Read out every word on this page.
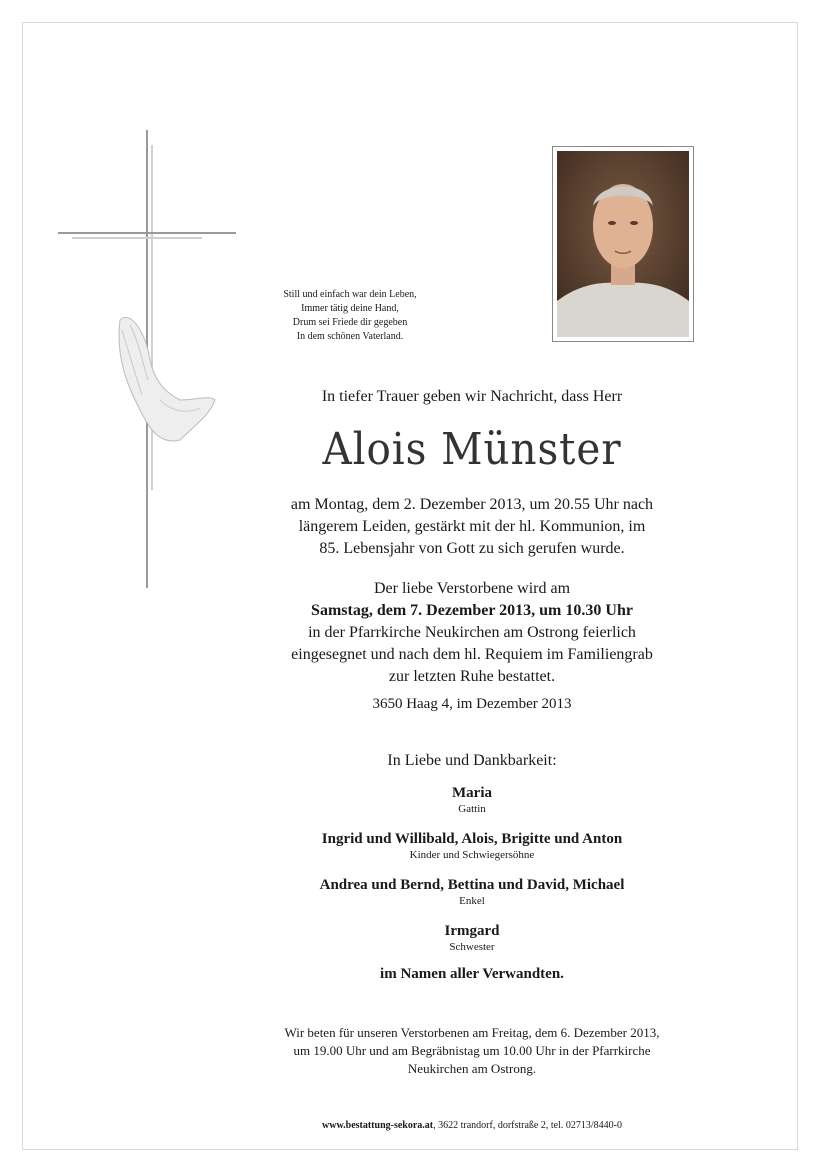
Still und einfach war dein Leben,
Immer tätig deine Hand,
Drum sei Friede dir gegeben
In dem schönen Vaterland.
In tiefer Trauer geben wir Nachricht, dass Herr
Alois Münster
am Montag, dem 2. Dezember 2013, um 20.55 Uhr nach
längerem Leiden, gestärkt mit der hl. Kommunion, im
85. Lebensjahr von Gott zu sich gerufen wurde.
Der liebe Verstorbene wird am
Samstag, dem 7. Dezember 2013, um 10.30 Uhr
in der Pfarrkirche Neukirchen am Ostrong feierlich
eingesegnet und nach dem hl. Requiem im Familiengrab
zur letzten Ruhe bestattet.
3650 Haag 4, im Dezember 2013
In Liebe und Dankbarkeit:
Maria
Gattin
Ingrid und Willibald, Alois, Brigitte und Anton
Kinder und Schwiegersöhne
Andrea und Bernd, Bettina und David, Michael
Enkel
Irmgard
Schwester
im Namen aller Verwandten.
Wir beten für unseren Verstorbenen am Freitag, dem 6. Dezember 2013,
um 19.00 Uhr und am Begräbnistag um 10.00 Uhr in der Pfarrkirche
Neukirchen am Ostrong.
www.bestattung-sekora.at, 3622 trandorf, dorfstraße 2, tel. 02713/8440-0
